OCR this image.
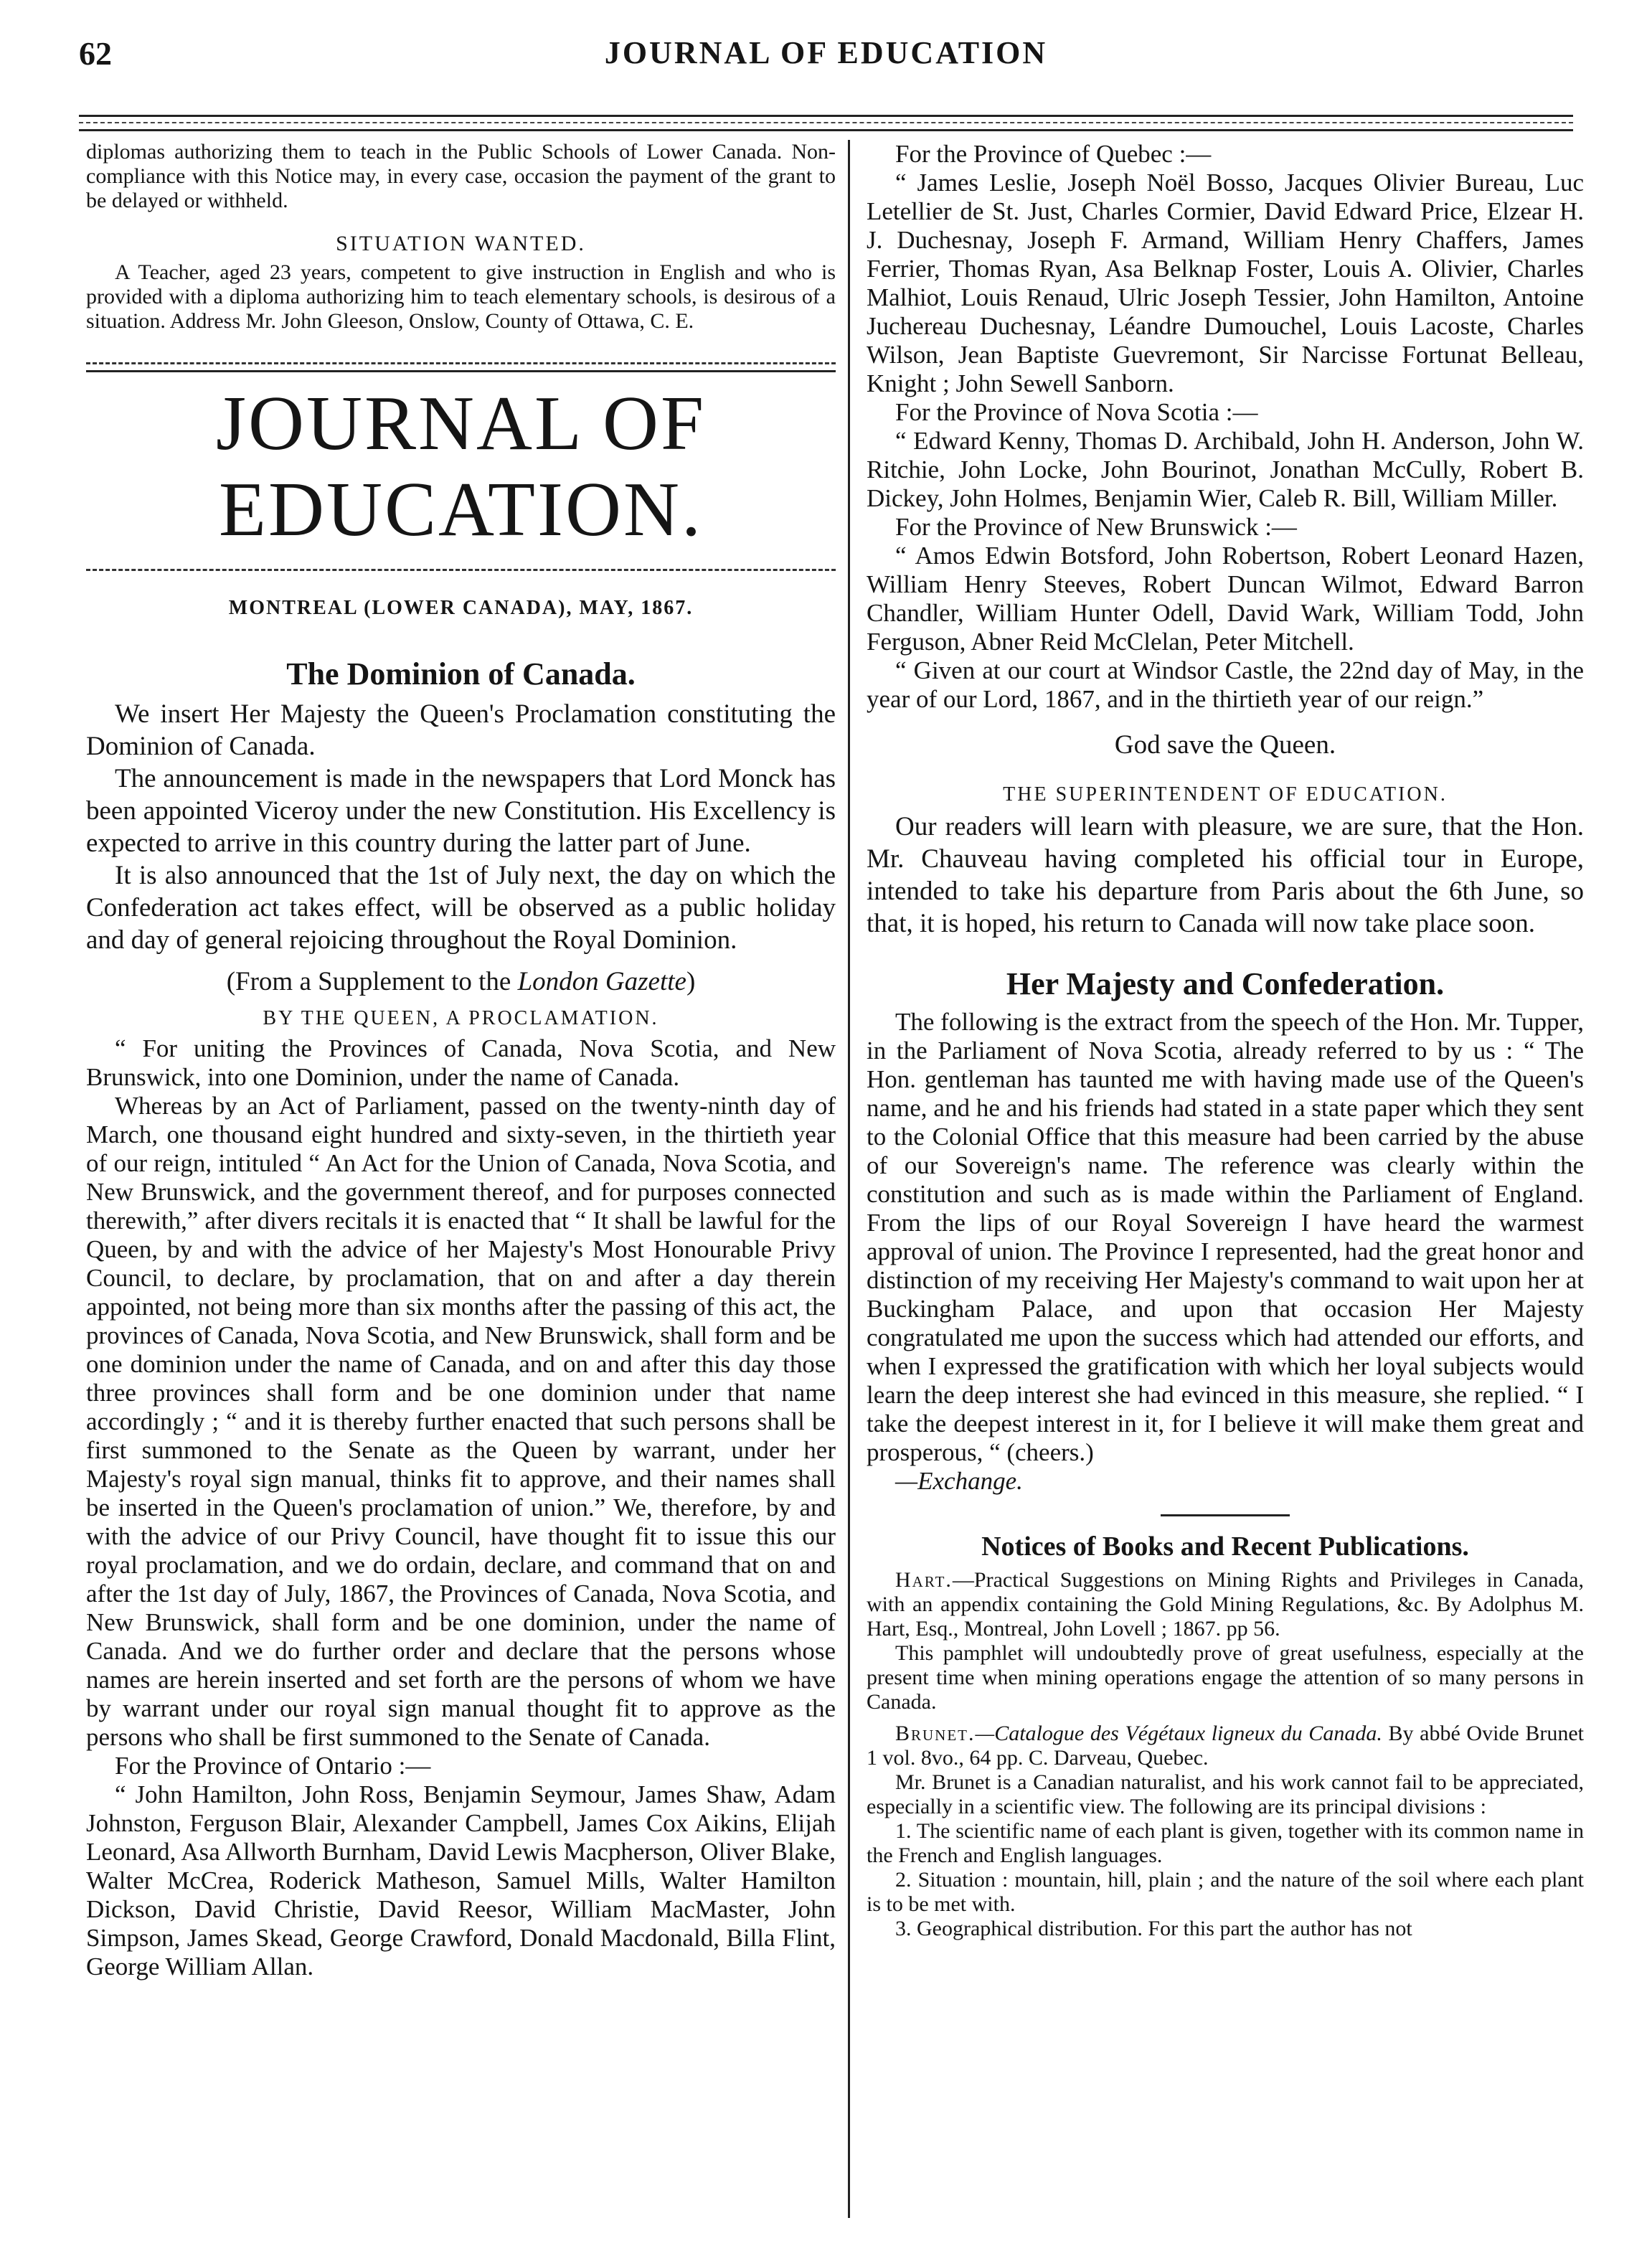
62	JOURNAL OF EDUCATION

diplomas authorizing them to teach in the Public Schools of Lower Canada. Non-compliance with this Notice may, in every case, occasion the payment of the grant to be delayed or withheld.

SITUATION WANTED.

A Teacher, aged 23 years, competent to give instruction in English and who is provided with a diploma authorizing him to teach elementary schools, is desirous of a situation. Address Mr. John Gleeson, Onslow, County of Ottawa, C. E.

JOURNAL OF EDUCATION.
MONTREAL (LOWER CANADA), MAY, 1867.
The Dominion of Canada.

We insert Her Majesty the Queen's Proclamation constituting the Dominion of Canada.

The announcement is made in the newspapers that Lord Monck has been appointed Viceroy under the new Constitution. His Excellency is expected to arrive in this country during the latter part of June.

It is also announced that the 1st of July next, the day on which the Confederation act takes effect, will be observed as a public holiday and day of general rejoicing throughout the Royal Dominion.

(From a Supplement to the London Gazette)
BY THE QUEEN, A PROCLAMATION.

“ For uniting the Provinces of Canada, Nova Scotia, and New Brunswick, into one Dominion, under the name of Canada.

Whereas by an Act of Parliament, passed on the twenty-ninth day of March, one thousand eight hundred and sixty-seven, in the thirtieth year of our reign, intituled “ An Act for the Union of Canada, Nova Scotia, and New Brunswick, and the government thereof, and for purposes connected therewith,” after divers recitals it is enacted that “ It shall be lawful for the Queen, by and with the advice of her Majesty's Most Honourable Privy Council, to declare, by proclamation, that on and after a day therein appointed, not being more than six months after the passing of this act, the provinces of Canada, Nova Scotia, and New Brunswick, shall form and be one dominion under the name of Canada, and on and after this day those three provinces shall form and be one dominion under that name accordingly ; “ and it is thereby further enacted that such persons shall be first summoned to the Senate as the Queen by warrant, under her Majesty's royal sign manual, thinks fit to approve, and their names shall be inserted in the Queen's proclamation of union.” We, therefore, by and with the advice of our Privy Council, have thought fit to issue this our royal proclamation, and we do ordain, declare, and command that on and after the 1st day of July, 1867, the Provinces of Canada, Nova Scotia, and New Brunswick, shall form and be one dominion, under the name of Canada. And we do further order and declare that the persons whose names are herein inserted and set forth are the persons of whom we have by warrant under our royal sign manual thought fit to approve as the persons who shall be first summoned to the Senate of Canada.

For the Province of Ontario :—

“ John Hamilton, John Ross, Benjamin Seymour, James Shaw, Adam Johnston, Ferguson Blair, Alexander Campbell, James Cox Aikins, Elijah Leonard, Asa Allworth Burnham, David Lewis Macpherson, Oliver Blake, Walter McCrea, Roderick Matheson, Samuel Mills, Walter Hamilton Dickson, David Christie, David Reesor, William MacMaster, John Simpson, James Skead, George Crawford, Donald Macdonald, Billa Flint, George William Allan.

For the Province of Quebec :—

“ James Leslie, Joseph Noël Bosso, Jacques Olivier Bureau, Luc Letellier de St. Just, Charles Cormier, David Edward Price, Elzear H. J. Duchesnay, Joseph F. Armand, William Henry Chaffers, James Ferrier, Thomas Ryan, Asa Belknap Foster, Louis A. Olivier, Charles Malhiot, Louis Renaud, Ulric Joseph Tessier, John Hamilton, Antoine Juchereau Duchesnay, Léandre Dumouchel, Louis Lacoste, Charles Wilson, Jean Baptiste Guevremont, Sir Narcisse Fortunat Belleau, Knight ; John Sewell Sanborn.

For the Province of Nova Scotia :—

“ Edward Kenny, Thomas D. Archibald, John H. Anderson, John W. Ritchie, John Locke, John Bourinot, Jonathan McCully, Robert B. Dickey, John Holmes, Benjamin Wier, Caleb R. Bill, William Miller.

For the Province of New Brunswick :—

“ Amos Edwin Botsford, John Robertson, Robert Leonard Hazen, William Henry Steeves, Robert Duncan Wilmot, Edward Barron Chandler, William Hunter Odell, David Wark, William Todd, John Ferguson, Abner Reid McClelan, Peter Mitchell.

“ Given at our court at Windsor Castle, the 22nd day of May, in the year of our Lord, 1867, and in the thirtieth year of our reign.”

God save the Queen.
THE SUPERINTENDENT OF EDUCATION.

Our readers will learn with pleasure, we are sure, that the Hon. Mr. Chauveau having completed his official tour in Europe, intended to take his departure from Paris about the 6th June, so that, it is hoped, his return to Canada will now take place soon.

Her Majesty and Confederation.

The following is the extract from the speech of the Hon. Mr. Tupper, in the Parliament of Nova Scotia, already referred to by us : “ The Hon. gentleman has taunted me with having made use of the Queen's name, and he and his friends had stated in a state paper which they sent to the Colonial Office that this measure had been carried by the abuse of our Sovereign's name. The reference was clearly within the constitution and such as is made within the Parliament of England. From the lips of our Royal Sovereign I have heard the warmest approval of union. The Province I represented, had the great honor and distinction of my receiving Her Majesty's command to wait upon her at Buckingham Palace, and upon that occasion Her Majesty congratulated me upon the success which had attended our efforts, and when I expressed the gratification with which her loyal subjects would learn the deep interest she had evinced in this measure, she replied. “ I take the deepest interest in it, for I believe it will make them great and prosperous, “ (cheers.)

—Exchange.

Notices of Books and Recent Publications.

Hart.—Practical Suggestions on Mining Rights and Privileges in Canada, with an appendix containing the Gold Mining Regulations, &c. By Adolphus M. Hart, Esq., Montreal, John Lovell ; 1867. pp 56.

This pamphlet will undoubtedly prove of great usefulness, especially at the present time when mining operations engage the attention of so many persons in Canada.

Brunet.—Catalogue des Végétaux ligneux du Canada. By abbé Ovide Brunet 1 vol. 8vo., 64 pp. C. Darveau, Quebec.

Mr. Brunet is a Canadian naturalist, and his work cannot fail to be appreciated, especially in a scientific view. The following are its principal divisions :

1. The scientific name of each plant is given, together with its common name in the French and English languages.

2. Situation : mountain, hill, plain ; and the nature of the soil where each plant is to be met with.

3. Geographical distribution. For this part the author has not
